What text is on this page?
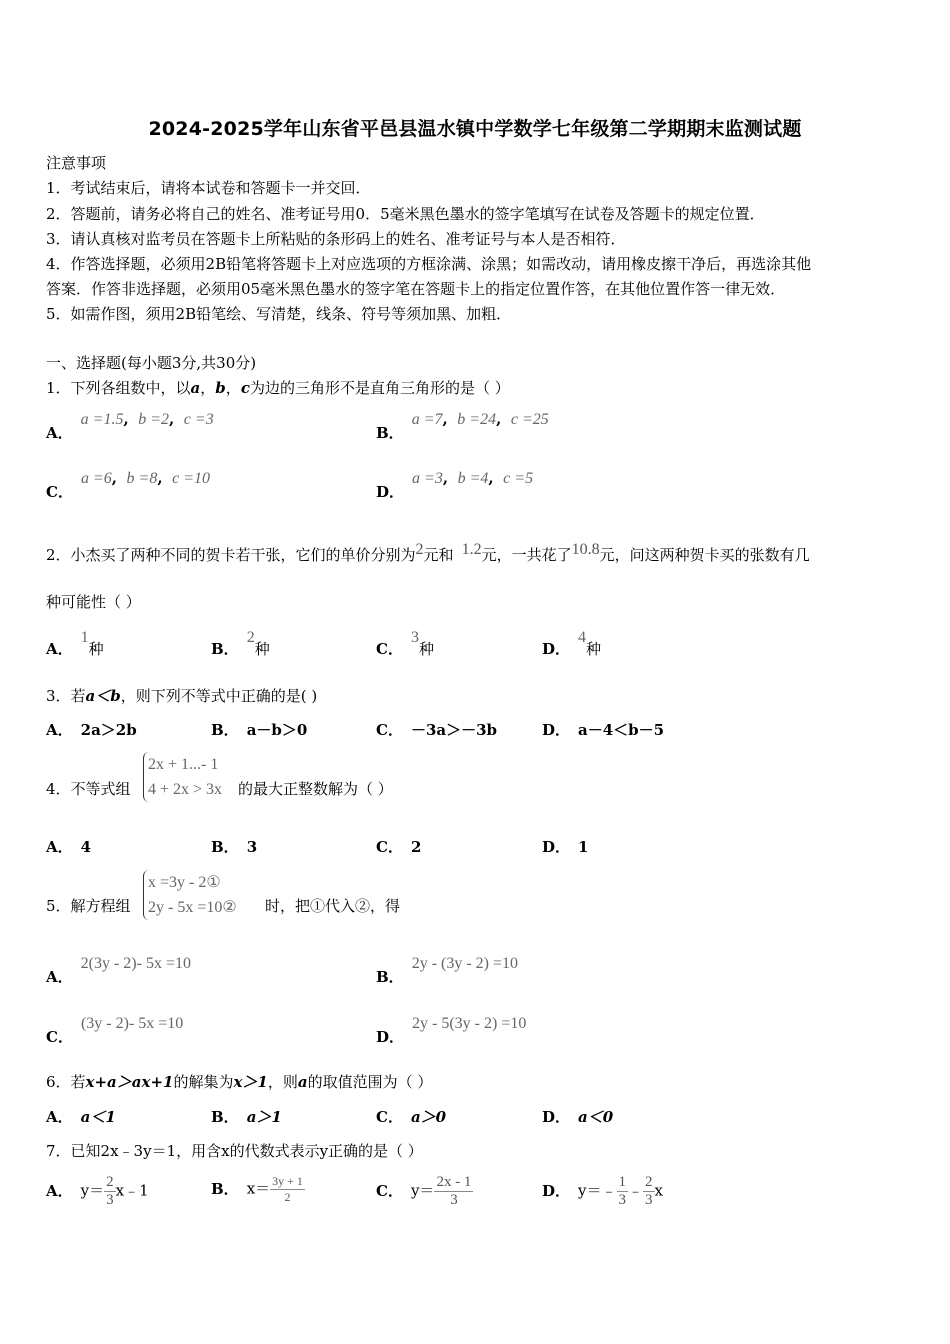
2024-2025学年山东省平邑县温水镇中学数学七年级第二学期期末监测试题
注意事项
1．考试结束后，请将本试卷和答题卡一并交回．
2．答题前，请务必将自己的姓名、准考证号用0．5毫米黑色墨水的签字笔填写在试卷及答题卡的规定位置．
3．请认真核对监考员在答题卡上所粘贴的条形码上的姓名、准考证号与本人是否相符．
4．作答选择题，必须用2B铅笔将答题卡上对应选项的方框涂满、涂黑；如需改动，请用橡皮擦干净后，再选涂其他
答案．作答非选择题，必须用05毫米黑色墨水的签字笔在答题卡上的指定位置作答，在其他位置作答一律无效．
5．如需作图，须用2B铅笔绘、写清楚，线条、符号等须加黑、加粗．
一、选择题(每小题3分,共30分)
1．下列各组数中，以a，b，c为边的三角形不是直角三角形的是（ ）
A．a =1.5, b =2, c =3
B．a =7, b =24, c =25
C．a =6, b =8, c =10
D．a =3, b =4, c =5
2．小杰买了两种不同的贺卡若干张，它们的单价分别为$^2$元和 $^{1.2}$元，一共花了$^{10.8}$元，问这两种贺卡买的张数有几
种可能性（ ）
A．1种	B．2种	C．3种	D．4种
3．若a＜b，则下列不等式中正确的是( )
A． 2a＞2b	B． a－b＞0	C． －3a＞－3b	D． a－4＜b－5
4．不等式组
2x + 1...- 1
4 + 2x > 3x 的最大正整数解为（ ）
A． 4	B． 3	C． 2	D． 1
5．解方程组
x =3y - 2①
2y - 5x =10② 时，把①代入②，得
A．2(3y - 2)- 5x =10
B．2y - (3y - 2) =10
C．(3y - 2)- 5x =10
D．2y - 5(3y - 2) =10
6．若x+a＞ax+1的解集为x＞1，则a的取值范围为（ ）
A． a＜1	B． a＞1	C． a＞0	D． a＜0
7．已知2x﹣3y＝1，用含x的代数式表示y正确的是（ ）
A． $y= \frac{2}{3}$ x﹣1	B． $x= \frac{3y + 1}{2}$	C． $y= \frac{2x - 1}{3}$	D． y＝﹣ $\frac{1}{3}$ ﹣ $\frac{2}{3}$ x
